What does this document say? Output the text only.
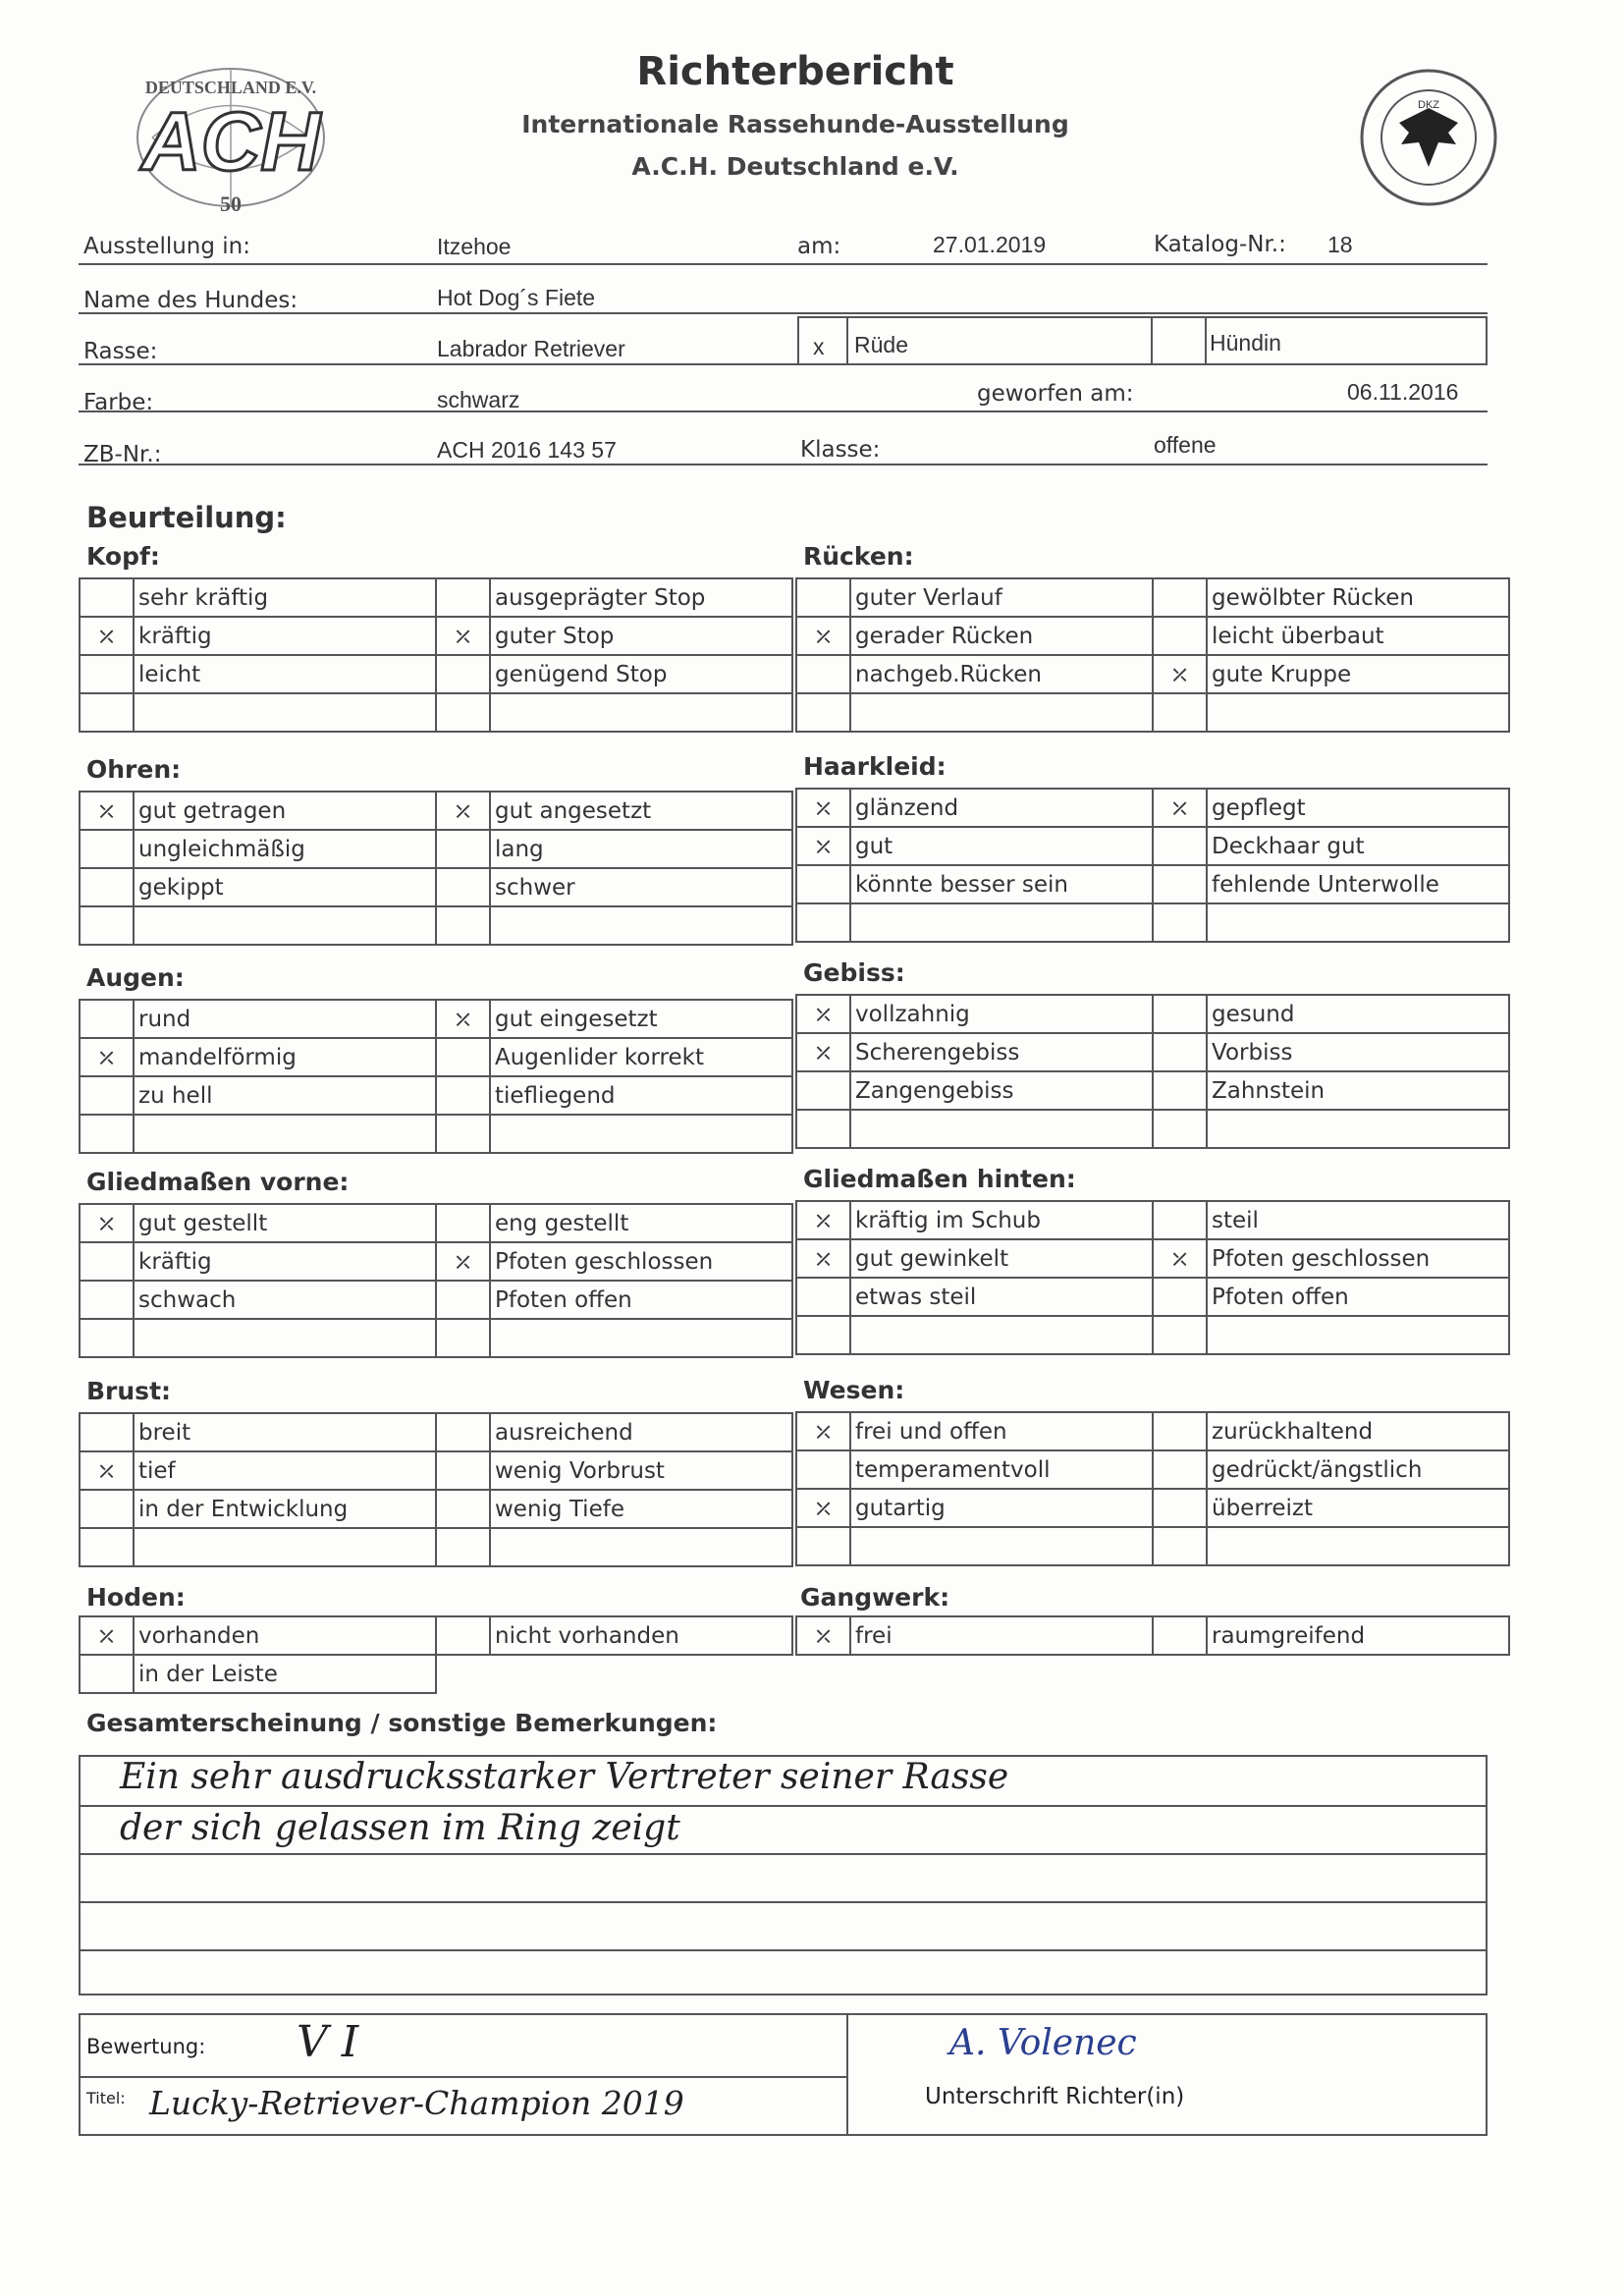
DEUTSCHLAND E.V.
ACH
50
DKZ
Richterbericht
Internationale Rassehunde-Ausstellung
A.C.H. Deutschland e.V.
Ausstellung in:	Itzehoe	am:	27.01.2019	Katalog-Nr.: 18
Name des Hundes:	Hot Dog´s Fiete
Rasse:	Labrador Retriever	x Rüde	Hündin
Farbe:	schwarz	geworfen am:	06.11.2016
ZB-Nr.:	ACH 2016 143 57	Klasse:	offene
Beurteilung:
Kopf:
	sehr kräftig		ausgeprägter Stop
⤫	kräftig	⤫	guter Stop
	leicht		genügend Stop

Rücken:
	guter Verlauf		gewölbter Rücken
⤫	gerader Rücken		leicht überbaut
	nachgeb.Rücken	⤫	gute Kruppe

Ohren:
⤫	gut getragen	⤫	gut angesetzt
	ungleichmäßig		lang
	gekippt		schwer

Haarkleid:
⤫	glänzend	⤫	gepflegt
⤫	gut		Deckhaar gut
	könnte besser sein		fehlende Unterwolle

Augen:
	rund	⤫	gut eingesetzt
⤫	mandelförmig		Augenlider korrekt
	zu hell		tiefliegend

Gebiss:
⤫	vollzahnig		gesund
⤫	Scherengebiss		Vorbiss
	Zangengebiss		Zahnstein

Gliedmaßen vorne:
⤫	gut gestellt		eng gestellt
	kräftig	⤫	Pfoten geschlossen
	schwach		Pfoten offen

Gliedmaßen hinten:
⤫	kräftig im Schub		steil
⤫	gut gewinkelt	⤫	Pfoten geschlossen
	etwas steil		Pfoten offen

Brust:
	breit		ausreichend
⤫	tief		wenig Vorbrust
	in der Entwicklung		wenig Tiefe

Wesen:
⤫	frei und offen		zurückhaltend
	temperamentvoll		gedrückt/ängstlich
⤫	gutartig		überreizt

Hoden:
⤫	vorhanden		nicht vorhanden
	in der Leiste		
Gangwerk:
⤫	frei		raumgreifend
Gesamterscheinung / sonstige Bemerkungen:
Ein sehr ausdrucksstarker Vertreter seiner Rasse
der sich gelassen im Ring zeigt
Bewertung: V I
Titel: Lucky-Retriever-Champion 2019
A. Volenec
Unterschrift Richter(in)
